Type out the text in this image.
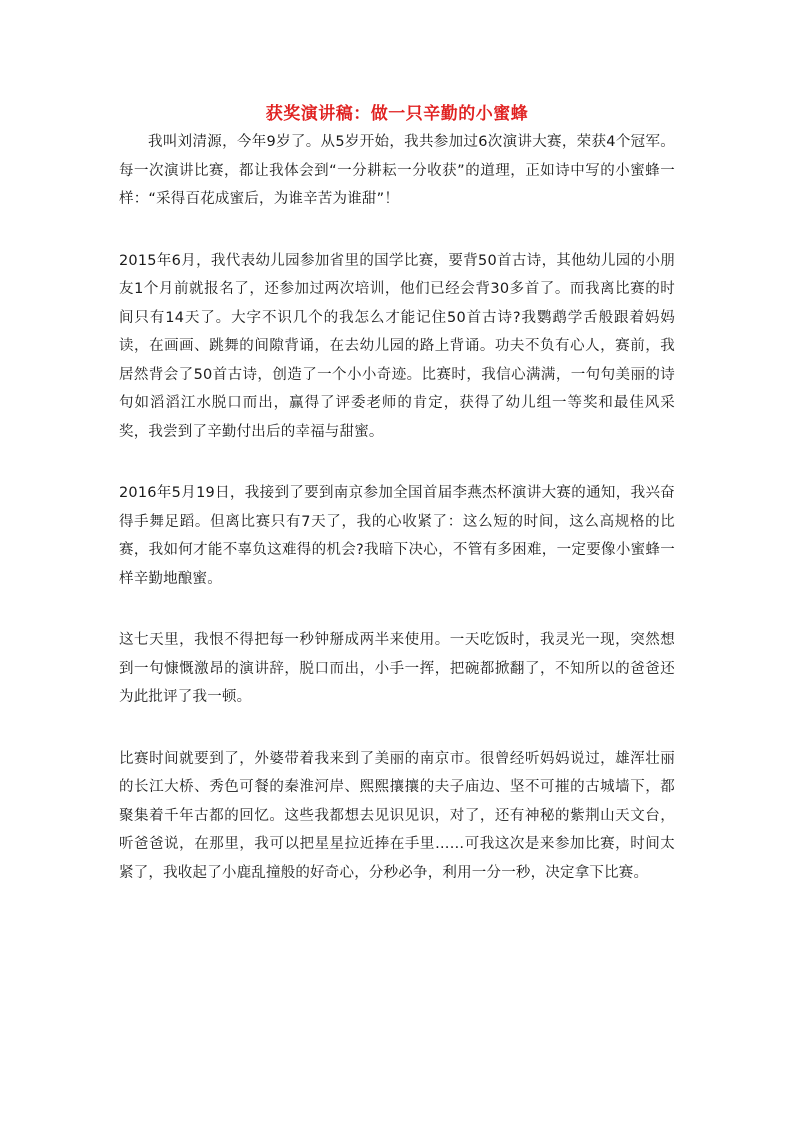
获奖演讲稿：做一只辛勤的小蜜蜂

我叫刘清源，今年9岁了。从5岁开始，我共参加过6次演讲大赛，荣获4个冠军。每一次演讲比赛，都让我体会到“一分耕耘一分收获”的道理，正如诗中写的小蜜蜂一样：“采得百花成蜜后，为谁辛苦为谁甜”！

2015年6月，我代表幼儿园参加省里的国学比赛，要背50首古诗，其他幼儿园的小朋友1个月前就报名了，还参加过两次培训，他们已经会背30多首了。而我离比赛的时间只有14天了。大字不识几个的我怎么才能记住50首古诗?我鹦鹉学舌般跟着妈妈读，在画画、跳舞的间隙背诵，在去幼儿园的路上背诵。功夫不负有心人，赛前，我居然背会了50首古诗，创造了一个小小奇迹。比赛时，我信心满满，一句句美丽的诗句如滔滔江水脱口而出，赢得了评委老师的肯定，获得了幼儿组一等奖和最佳风采奖，我尝到了辛勤付出后的幸福与甜蜜。

2016年5月19日，我接到了要到南京参加全国首届李燕杰杯演讲大赛的通知，我兴奋得手舞足蹈。但离比赛只有7天了，我的心收紧了：这么短的时间，这么高规格的比赛，我如何才能不辜负这难得的机会?我暗下决心，不管有多困难，一定要像小蜜蜂一样辛勤地酿蜜。

这七天里，我恨不得把每一秒钟掰成两半来使用。一天吃饭时，我灵光一现，突然想到一句慷慨激昂的演讲辞，脱口而出，小手一挥，把碗都掀翻了，不知所以的爸爸还为此批评了我一顿。

比赛时间就要到了，外婆带着我来到了美丽的南京市。很曾经听妈妈说过，雄浑壮丽的长江大桥、秀色可餐的秦淮河岸、熙熙攘攘的夫子庙边、坚不可摧的古城墙下，都聚集着千年古都的回忆。这些我都想去见识见识，对了，还有神秘的紫荆山天文台，听爸爸说，在那里，我可以把星星拉近捧在手里……可我这次是来参加比赛，时间太紧了，我收起了小鹿乱撞般的好奇心，分秒必争，利用一分一秒，决定拿下比赛。
